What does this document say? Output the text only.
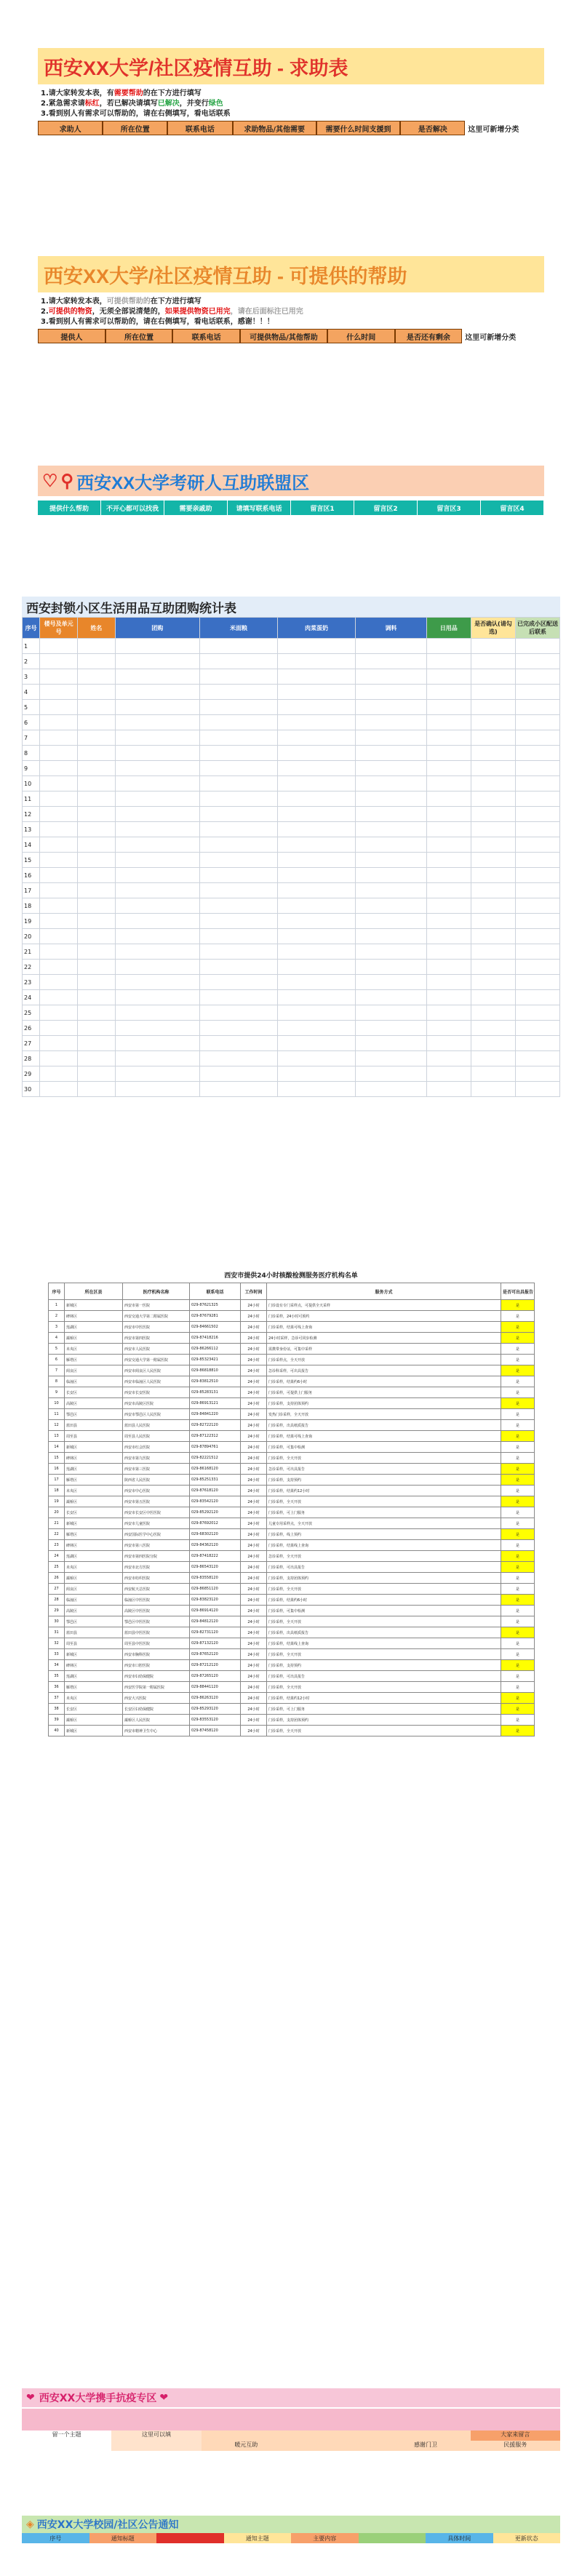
西安XX大学/社区疫情互助 - 求助表
1.请大家转发本表，有需要帮助的在下方进行填写
2.紧急需求请标红，若已解决请填写已解决，并变行绿色
3.看到别人有需求可以帮助的，请在右侧填写，看电话联系
求助人	所在位置	联系电话	求助物品/其他需要	需要什么时间支援到	是否解决	这里可新增分类
西安XX大学/社区疫情互助 - 可提供的帮助
1.请大家转发本表，可提供帮助的在下方进行填写
2.可提供的物资，无须全部说清楚的，如果提供物资已用完，请在后面标注已用完
3.看到别人有需求可以帮助的，请在右侧填写，看电话联系，感谢！！！
提供人	所在位置	联系电话	可提供物品/其他帮助	什么时间	是否还有剩余	这里可新增分类
♡ ⚲ 西安XX大学考研人互助联盟区
提供什么帮助	不开心都可以找我	需要亲戚助	请填写联系电话	留言区1	留言区2	留言区3	留言区4
西安封锁小区生活用品互助团购统计表
序号	楼号及单元号	姓名	团购	米面粮	肉菜蛋奶	调料	日用品	是否确认(请勾选)	已完成小区配送后联系
1									
2									
3									
4									
5									
6									
7									
8									
9									
10									
11									
12									
13									
14									
15									
16									
17									
18									
19									
20									
21									
22									
23									
24									
25									
26									
27									
28									
29									
30									
西安市提供24小时核酸检测服务医疗机构名单
序号	所在区县	医疗机构名称	联系电话	工作时间	服务方式	是否可出具报告
1	新城区	西安市第一医院	029-87621325	24小时	门诊设有专门采样点，可提供全天采样	是
2	碑林区	西安交通大学第二附属医院	029-87679281	24小时	门诊采样，24小时可预约	是
3	莲湖区	西安市中医医院	029-84661502	24小时	门诊采样，结果可线上查询	是
4	灞桥区	西安市第四医院	029-87418216	24小时	24小时采样，急诊可同步检测	是
5	未央区	西安市人民医院	029-86266112	24小时	需携带身份证，可集中采样	是
6	雁塔区	西安交通大学第一附属医院	029-85323421	24小时	门诊采样点，全天开放	是
7	阎良区	西安市阎良区人民医院	029-86818810	24小时	急诊科采样，可出具报告	是
8	临潼区	西安市临潼区人民医院	029-83812510	24小时	门诊采样，结果约6小时	是
9	长安区	西安市长安医院	029-85283131	24小时	门诊采样，可提供上门服务	是
10	高陵区	西安市高陵区医院	029-86913121	24小时	门诊采样，支持团体预约	是
11	鄠邑区	西安市鄠邑区人民医院	029-84841220	24小时	发热门诊采样，全天开放	是
12	蓝田县	蓝田县人民医院	029-82722120	24小时	门诊采样，出具纸质报告	是
13	周至县	周至县人民医院	029-87122312	24小时	门诊采样，结果可线上查询	是
14	新城区	西安市红会医院	029-87894761	24小时	门诊采样，可集中检测	是
15	碑林区	西安市第九医院	029-82221512	24小时	门诊采样，全天开放	是
16	莲湖区	西安市第三医院	029-86168120	24小时	急诊采样，可出具报告	是
17	雁塔区	陕西省人民医院	029-85251331	24小时	门诊采样，支持预约	是
18	未央区	西安市中心医院	029-87618120	24小时	门诊采样，结果约12小时	是
19	灞桥区	西安市第五医院	029-83542120	24小时	门诊采样，全天开放	是
20	长安区	西安市长安区中医医院	029-85292120	24小时	门诊采样，可上门服务	是
21	新城区	西安市儿童医院	029-87692012	24小时	儿童专用采样点，全天开放	是
22	雁塔区	西安国际医学中心医院	029-68302120	24小时	门诊采样，线上预约	是
23	碑林区	西安市第八医院	029-84362120	24小时	门诊采样，结果线上查询	是
24	莲湖区	西安市第四医院分院	029-87418222	24小时	急诊采样，全天开放	是
25	未央区	西安市北方医院	029-86543120	24小时	门诊采样，可出具报告	是
26	灞桥区	西安市纺织医院	029-83558120	24小时	门诊采样，支持团体预约	是
27	阎良区	西安航天总医院	029-86851120	24小时	门诊采样，全天开放	是
28	临潼区	临潼区中医医院	029-83823120	24小时	门诊采样，结果约6小时	是
29	高陵区	高陵区中医医院	029-86914120	24小时	门诊采样，可集中检测	是
30	鄠邑区	鄠邑区中医医院	029-84812120	24小时	门诊采样，全天开放	是
31	蓝田县	蓝田县中医医院	029-82731120	24小时	门诊采样，出具纸质报告	是
32	周至县	周至县中医医院	029-87132120	24小时	门诊采样，结果线上查询	是
33	新城区	西安市胸科医院	029-87652120	24小时	门诊采样，全天开放	是
34	碑林区	西安市口腔医院	029-87212120	24小时	门诊采样，支持预约	是
35	莲湖区	西安市妇幼保健院	029-87265120	24小时	门诊采样，可出具报告	是
36	雁塔区	西安医学院第一附属医院	029-88441120	24小时	门诊采样，全天开放	是
37	未央区	西安大兴医院	029-86263120	24小时	门诊采样，结果约12小时	是
38	长安区	长安区妇幼保健院	029-85293120	24小时	门诊采样，可上门服务	是
39	灞桥区	灞桥区人民医院	029-83553120	24小时	门诊采样，支持团体预约	是
40	新城区	西安市精神卫生中心	029-87458120	24小时	门诊采样，全天开放	是
❤ 西安XX大学携手抗疫专区 ❤
留一个主题	这里可以填	大家来留言
暖元互助	感谢门卫	民援服务
◈ 西安XX大学校园/社区公告通知
序号	通知标题	通知主题	主要内容	具体时间	更新状态
